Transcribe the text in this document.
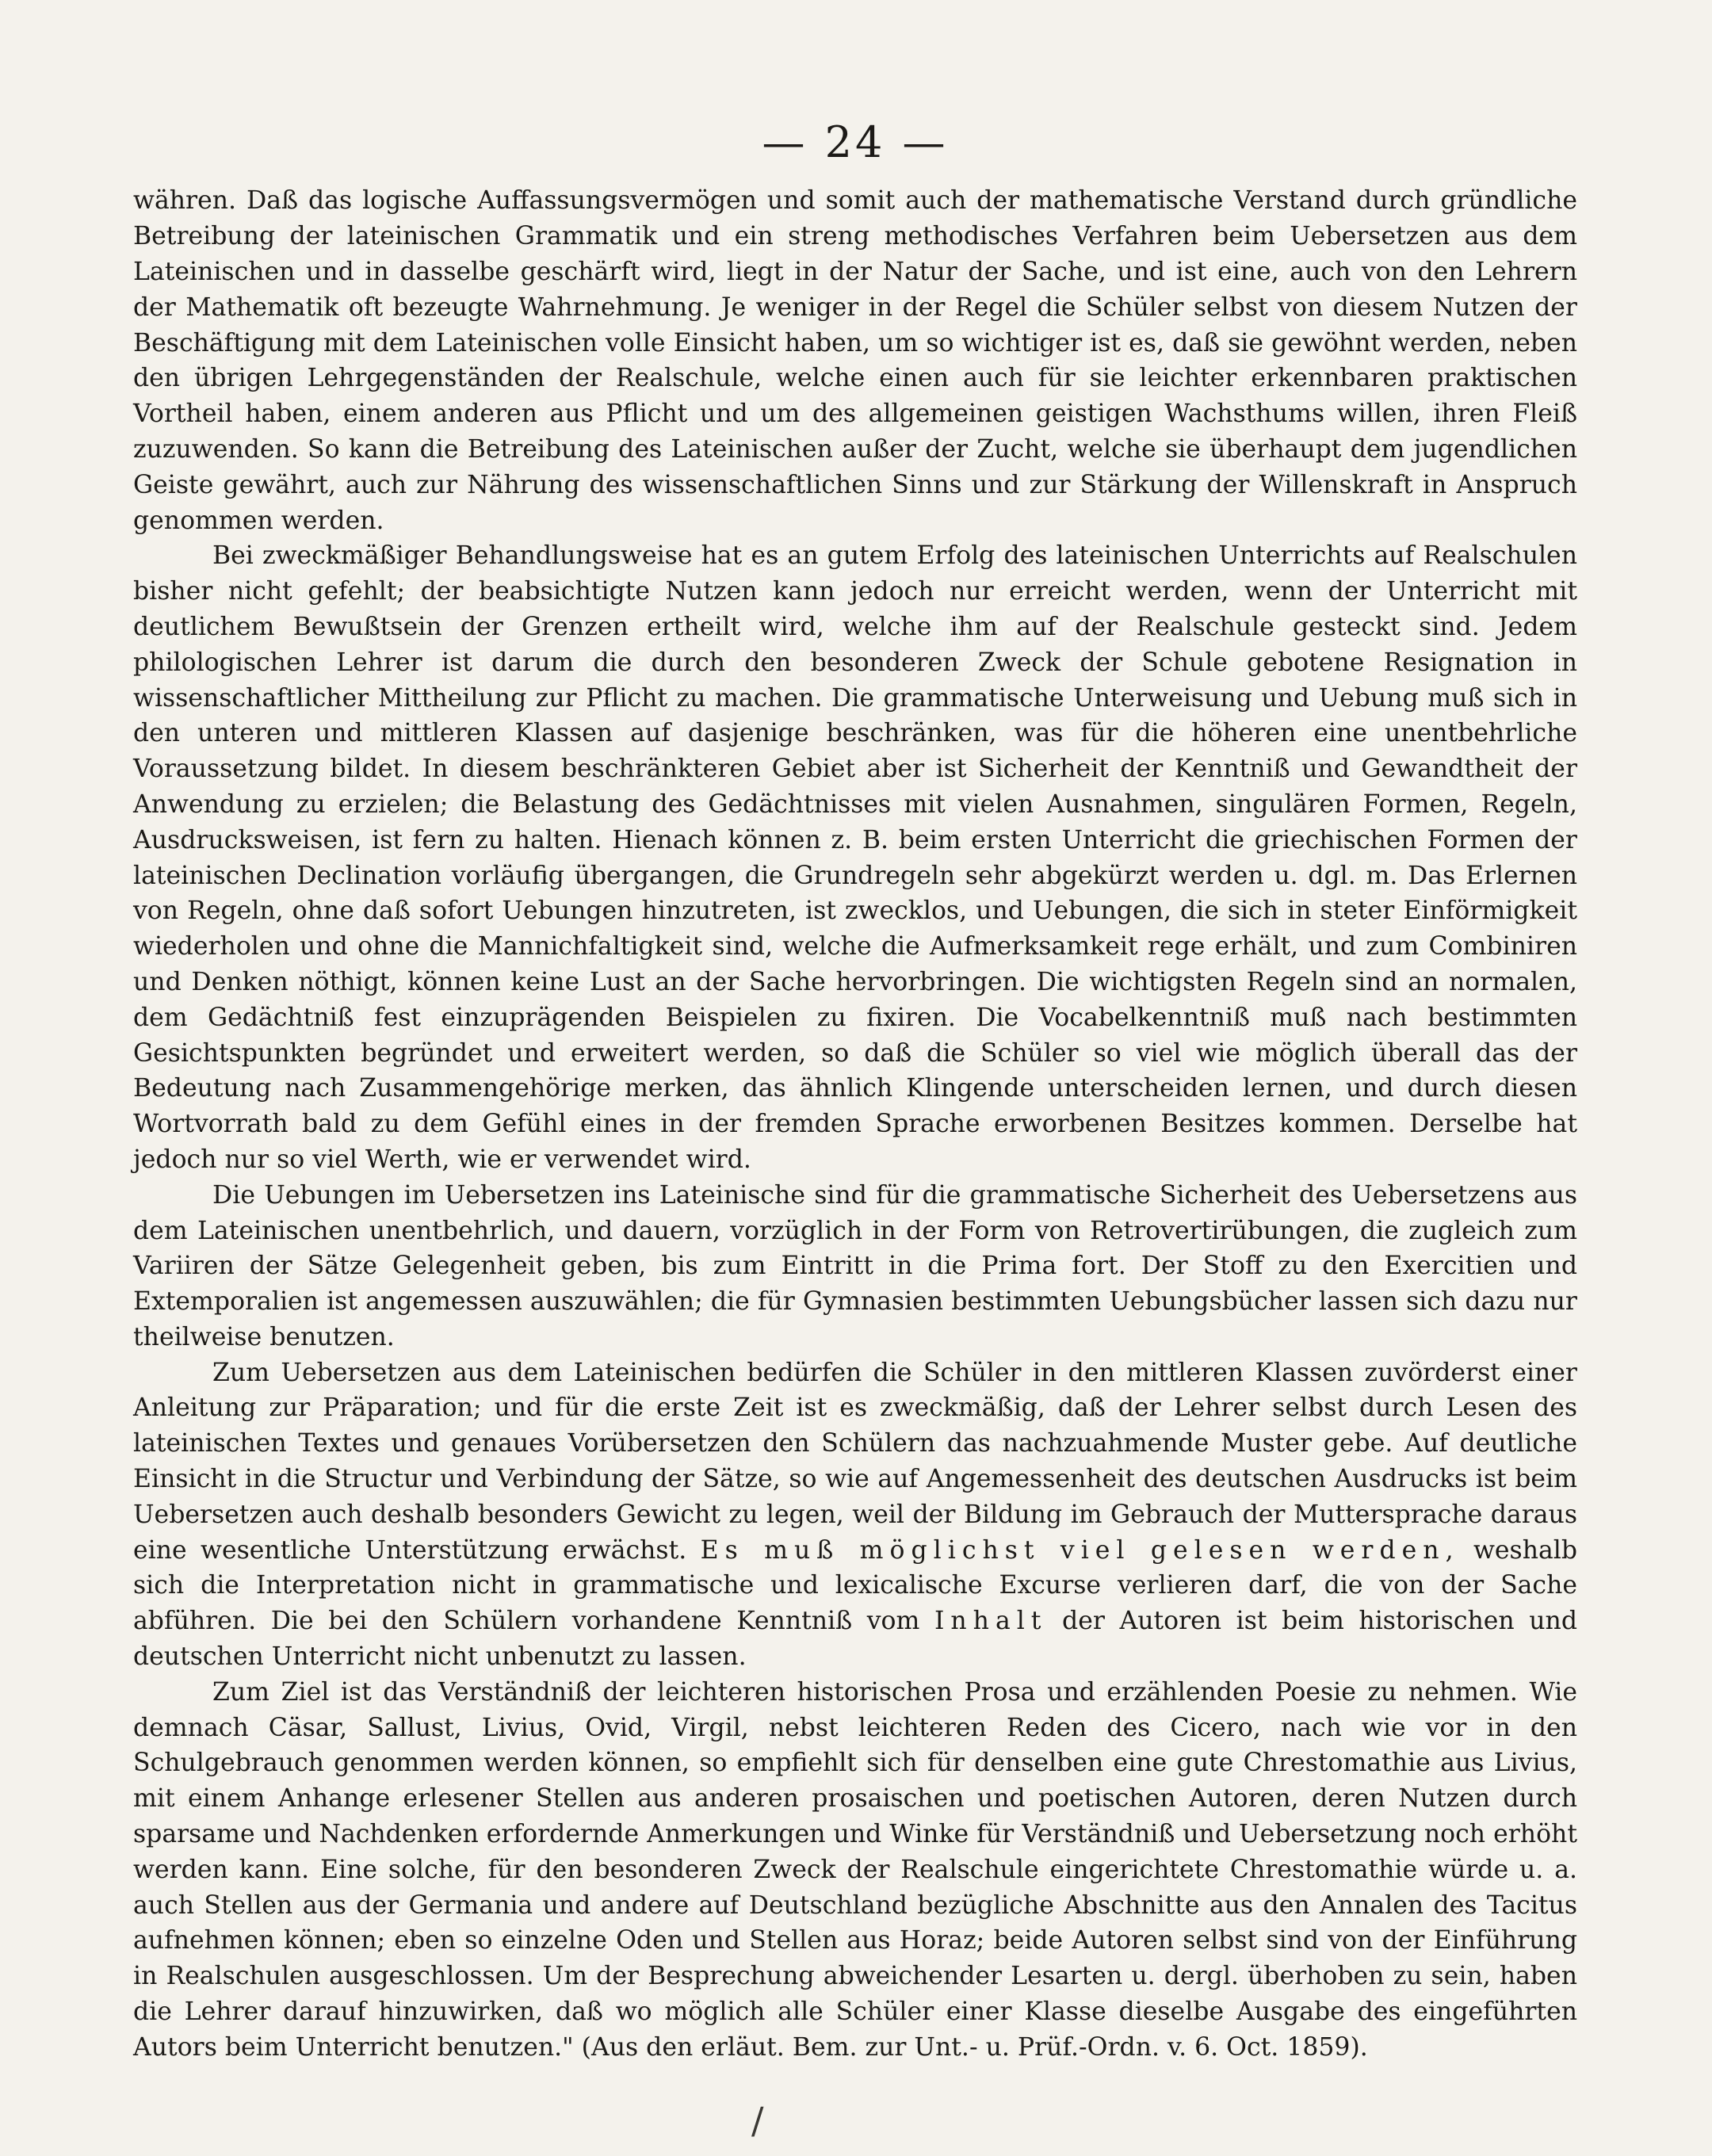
— 24 —

währen. Daß das logische Auffassungsvermögen und somit auch der mathematische Verstand durch gründliche Betreibung der lateinischen Grammatik und ein streng methodisches Verfahren beim Uebersetzen aus dem Lateinischen und in dasselbe geschärft wird, liegt in der Natur der Sache, und ist eine, auch von den Lehrern der Mathematik oft bezeugte Wahrnehmung. Je weniger in der Regel die Schüler selbst von diesem Nutzen der Beschäftigung mit dem Lateinischen volle Einsicht haben, um so wichtiger ist es, daß sie gewöhnt werden, neben den übrigen Lehrgegenständen der Realschule, welche einen auch für sie leichter erkennbaren praktischen Vortheil haben, einem anderen aus Pflicht und um des allgemeinen geistigen Wachsthums willen, ihren Fleiß zuzuwenden. So kann die Betreibung des Lateinischen außer der Zucht, welche sie überhaupt dem jugendlichen Geiste gewährt, auch zur Nährung des wissenschaftlichen Sinns und zur Stärkung der Willenskraft in Anspruch genommen werden.

Bei zweckmäßiger Behandlungsweise hat es an gutem Erfolg des lateinischen Unterrichts auf Realschulen bisher nicht gefehlt; der beabsichtigte Nutzen kann jedoch nur erreicht werden, wenn der Unterricht mit deutlichem Bewußtsein der Grenzen ertheilt wird, welche ihm auf der Realschule gesteckt sind. Jedem philologischen Lehrer ist darum die durch den besonderen Zweck der Schule gebotene Resignation in wissenschaftlicher Mittheilung zur Pflicht zu machen. Die grammatische Unterweisung und Uebung muß sich in den unteren und mittleren Klassen auf dasjenige beschränken, was für die höheren eine unentbehrliche Voraussetzung bildet. In diesem beschränkteren Gebiet aber ist Sicherheit der Kenntniß und Gewandtheit der Anwendung zu erzielen; die Belastung des Gedächtnisses mit vielen Ausnahmen, singulären Formen, Regeln, Ausdrucksweisen, ist fern zu halten. Hienach können z. B. beim ersten Unterricht die griechischen Formen der lateinischen Declination vorläufig übergangen, die Grundregeln sehr abgekürzt werden u. dgl. m. Das Erlernen von Regeln, ohne daß sofort Uebungen hinzutreten, ist zwecklos, und Uebungen, die sich in steter Einförmigkeit wiederholen und ohne die Mannichfaltigkeit sind, welche die Aufmerksamkeit rege erhält, und zum Combiniren und Denken nöthigt, können keine Lust an der Sache hervorbringen. Die wichtigsten Regeln sind an normalen, dem Gedächtniß fest einzuprägenden Beispielen zu fixiren. Die Vocabelkenntniß muß nach bestimmten Gesichtspunkten begründet und erweitert werden, so daß die Schüler so viel wie möglich überall das der Bedeutung nach Zusammengehörige merken, das ähnlich Klingende unterscheiden lernen, und durch diesen Wortvorrath bald zu dem Gefühl eines in der fremden Sprache erworbenen Besitzes kommen. Derselbe hat jedoch nur so viel Werth, wie er verwendet wird.

Die Uebungen im Uebersetzen ins Lateinische sind für die grammatische Sicherheit des Uebersetzens aus dem Lateinischen unentbehrlich, und dauern, vorzüglich in der Form von Retrovertirübungen, die zugleich zum Variiren der Sätze Gelegenheit geben, bis zum Eintritt in die Prima fort. Der Stoff zu den Exercitien und Extemporalien ist angemessen auszuwählen; die für Gymnasien bestimmten Uebungsbücher lassen sich dazu nur theilweise benutzen.

Zum Uebersetzen aus dem Lateinischen bedürfen die Schüler in den mittleren Klassen zuvörderst einer Anleitung zur Präparation; und für die erste Zeit ist es zweckmäßig, daß der Lehrer selbst durch Lesen des lateinischen Textes und genaues Vorübersetzen den Schülern das nachzuahmende Muster gebe. Auf deutliche Einsicht in die Structur und Verbindung der Sätze, so wie auf Angemessenheit des deutschen Ausdrucks ist beim Uebersetzen auch deshalb besonders Gewicht zu legen, weil der Bildung im Gebrauch der Muttersprache daraus eine wesentliche Unterstützung erwächst. Es muß möglichst viel gelesen werden, weshalb sich die Interpretation nicht in grammatische und lexicalische Excurse verlieren darf, die von der Sache abführen. Die bei den Schülern vorhandene Kenntniß vom Inhalt der Autoren ist beim historischen und deutschen Unterricht nicht unbenutzt zu lassen.

Zum Ziel ist das Verständniß der leichteren historischen Prosa und erzählenden Poesie zu nehmen. Wie demnach Cäsar, Sallust, Livius, Ovid, Virgil, nebst leichteren Reden des Cicero, nach wie vor in den Schulgebrauch genommen werden können, so empfiehlt sich für denselben eine gute Chrestomathie aus Livius, mit einem Anhange erlesener Stellen aus anderen prosaischen und poetischen Autoren, deren Nutzen durch sparsame und Nachdenken erfordernde Anmerkungen und Winke für Verständniß und Uebersetzung noch erhöht werden kann. Eine solche, für den besonderen Zweck der Realschule eingerichtete Chrestomathie würde u. a. auch Stellen aus der Germania und andere auf Deutschland bezügliche Abschnitte aus den Annalen des Tacitus aufnehmen können; eben so einzelne Oden und Stellen aus Horaz; beide Autoren selbst sind von der Einführung in Realschulen ausgeschlossen. Um der Besprechung abweichender Lesarten u. dergl. überhoben zu sein, haben die Lehrer darauf hinzuwirken, daß wo möglich alle Schüler einer Klasse dieselbe Ausgabe des eingeführten Autors beim Unterricht benutzen." (Aus den erläut. Bem. zur Unt.- u. Prüf.-Ordn. v. 6. Oct. 1859).

/
